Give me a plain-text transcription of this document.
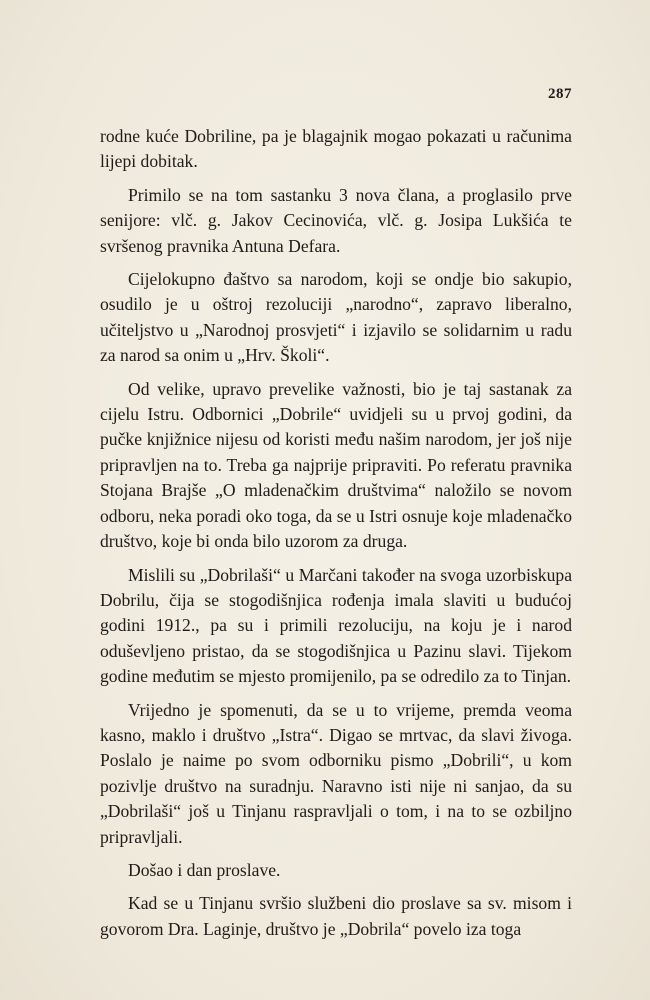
287

rodne kuće Dobriline, pa je blagajnik mogao pokazati u računima lijepi dobitak.

Primilo se na tom sastanku 3 nova člana, a proglasilo prve senijore: vlč. g. Jakov Cecinovića, vlč. g. Josipa Lukšića te svršenog pravnika Antuna Defara.

Cijelokupno đaštvo sa narodom, koji se ondje bio sakupio, osudilo je u oštroj rezoluciji „narodno“, zapravo liberalno, učiteljstvo u „Narodnoj prosvjeti“ i izjavilo se solidarnim u radu za narod sa onim u „Hrv. Školi“.

Od velike, upravo prevelike važnosti, bio je taj sastanak za cijelu Istru. Odbornici „Dobrile“ uvidjeli su u prvoj godini, da pučke knjižnice nijesu od koristi među našim narodom, jer još nije pripravljen na to. Treba ga najprije pripraviti. Po referatu pravnika Stojana Brajše „O mladenačkim društvima“ naložilo se novom odboru, neka poradi oko toga, da se u Istri osnuje koje mladenačko društvo, koje bi onda bilo uzorom za druga.

Mislili su „Dobrilaši“ u Marčani također na svoga uzorbiskupa Dobrilu, čija se stogodišnjica rođenja imala slaviti u budućoj godini 1912., pa su i primili rezoluciju, na koju je i narod oduševljeno pristao, da se stogodišnjica u Pazinu slavi. Tijekom godine međutim se mjesto promijenilo, pa se odredilo za to Tinjan.

Vrijedno je spomenuti, da se u to vrijeme, premda veoma kasno, maklo i društvo „Istra“. Digao se mrtvac, da slavi živoga. Poslalo je naime po svom odborniku pismo „Dobrili“, u kom pozivlje društvo na suradnju. Naravno isti nije ni sanjao, da su „Dobrilaši“ još u Tinjanu raspravljali o tom, i na to se ozbiljno pripravljali.

Došao i dan proslave.

Kad se u Tinjanu svršio službeni dio proslave sa sv. misom i govorom Dra. Laginje, društvo je „Dobrila“ povelo iza toga
